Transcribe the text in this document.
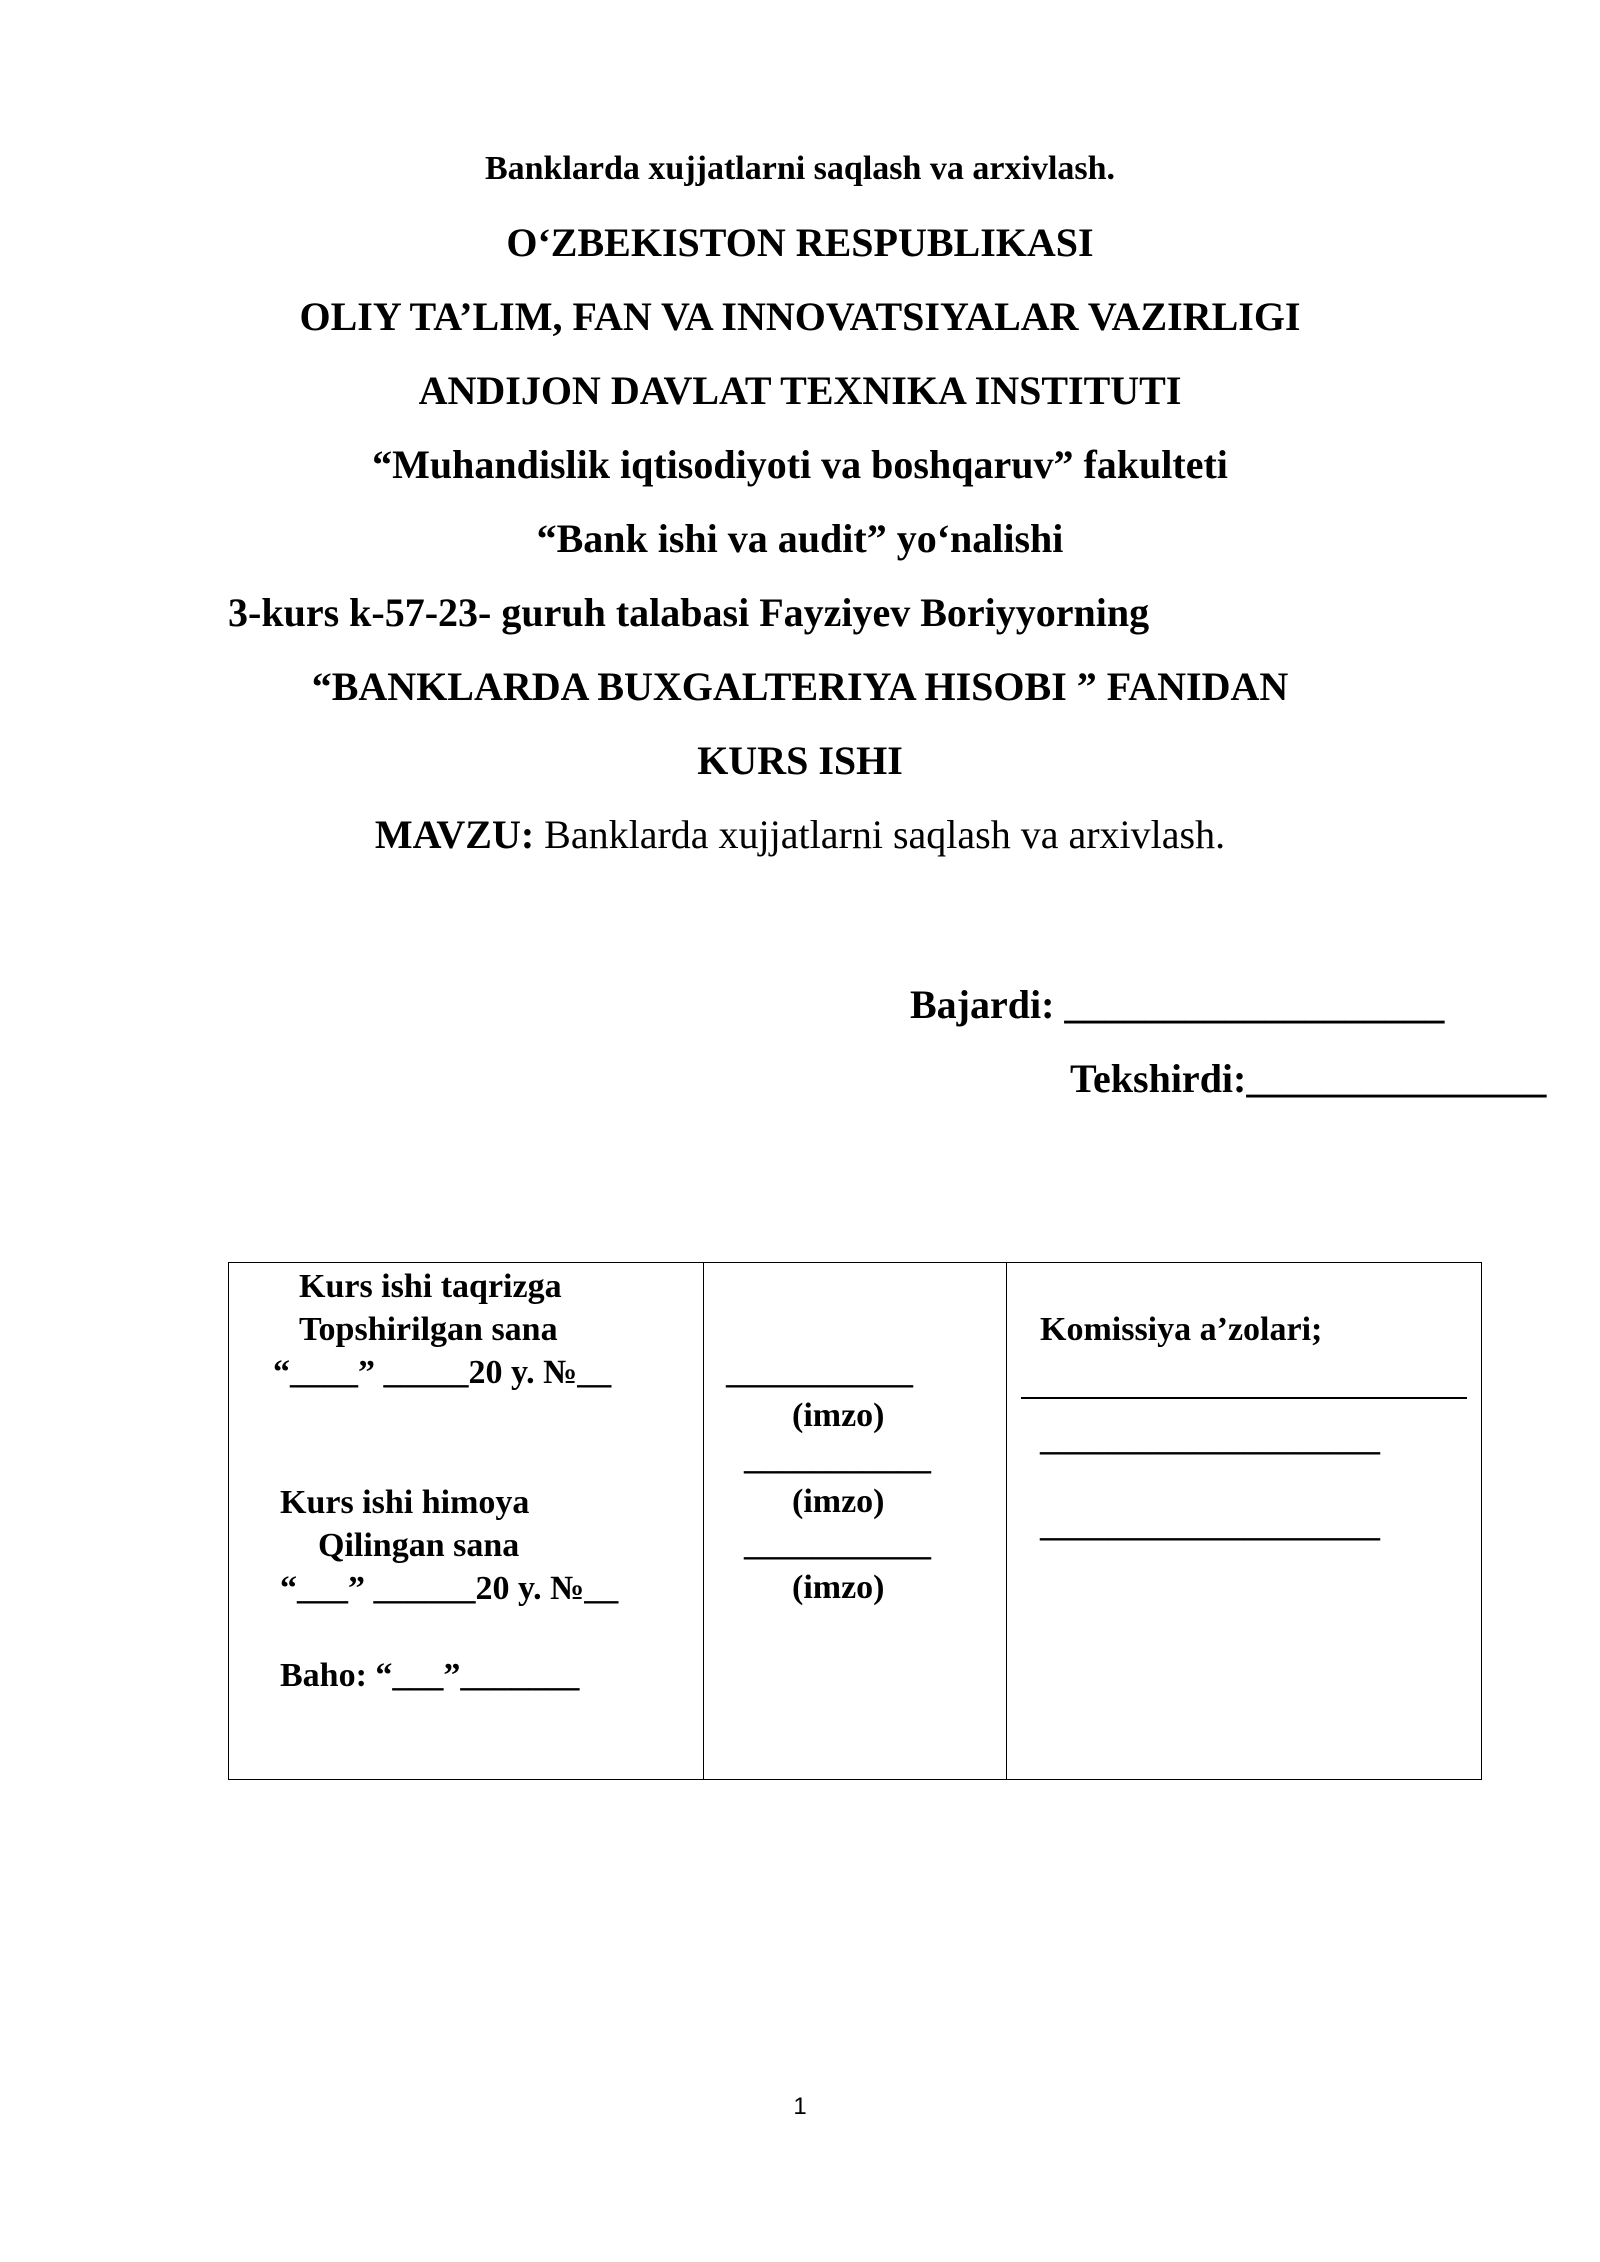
Banklarda xujjatlarni saqlash va arxivlash.
O‘ZBEKISTON RESPUBLIKASI
OLIY TA’LIM, FAN VA INNOVATSIYALAR VAZIRLIGI
ANDIJON DAVLAT TEXNIKA INSTITUTI
“Muhandislik iqtisodiyoti va boshqaruv” fakulteti
“Bank ishi va audit” yo‘nalishi
3-kurs k-57-23- guruh talabasi Fayziyev Boriyyorning
“BANKLARDA BUXGALTERIYA HISOBI ” FANIDAN
KURS ISHI
MAVZU: Banklarda xujjatlarni saqlash va arxivlash.
Bajardi: ___________________
Tekshirdi:_______________
Kurs ishi taqrizga
Topshirilgan sana
“____” _____20 y. №__
Kurs ishi himoya
Qilingan sana
“___” ______20 y. №__
Baho: “___”_______
___________
(imzo)
___________
(imzo)
___________
(imzo)
Komissiya a’zolari;
____________________
____________________
1
